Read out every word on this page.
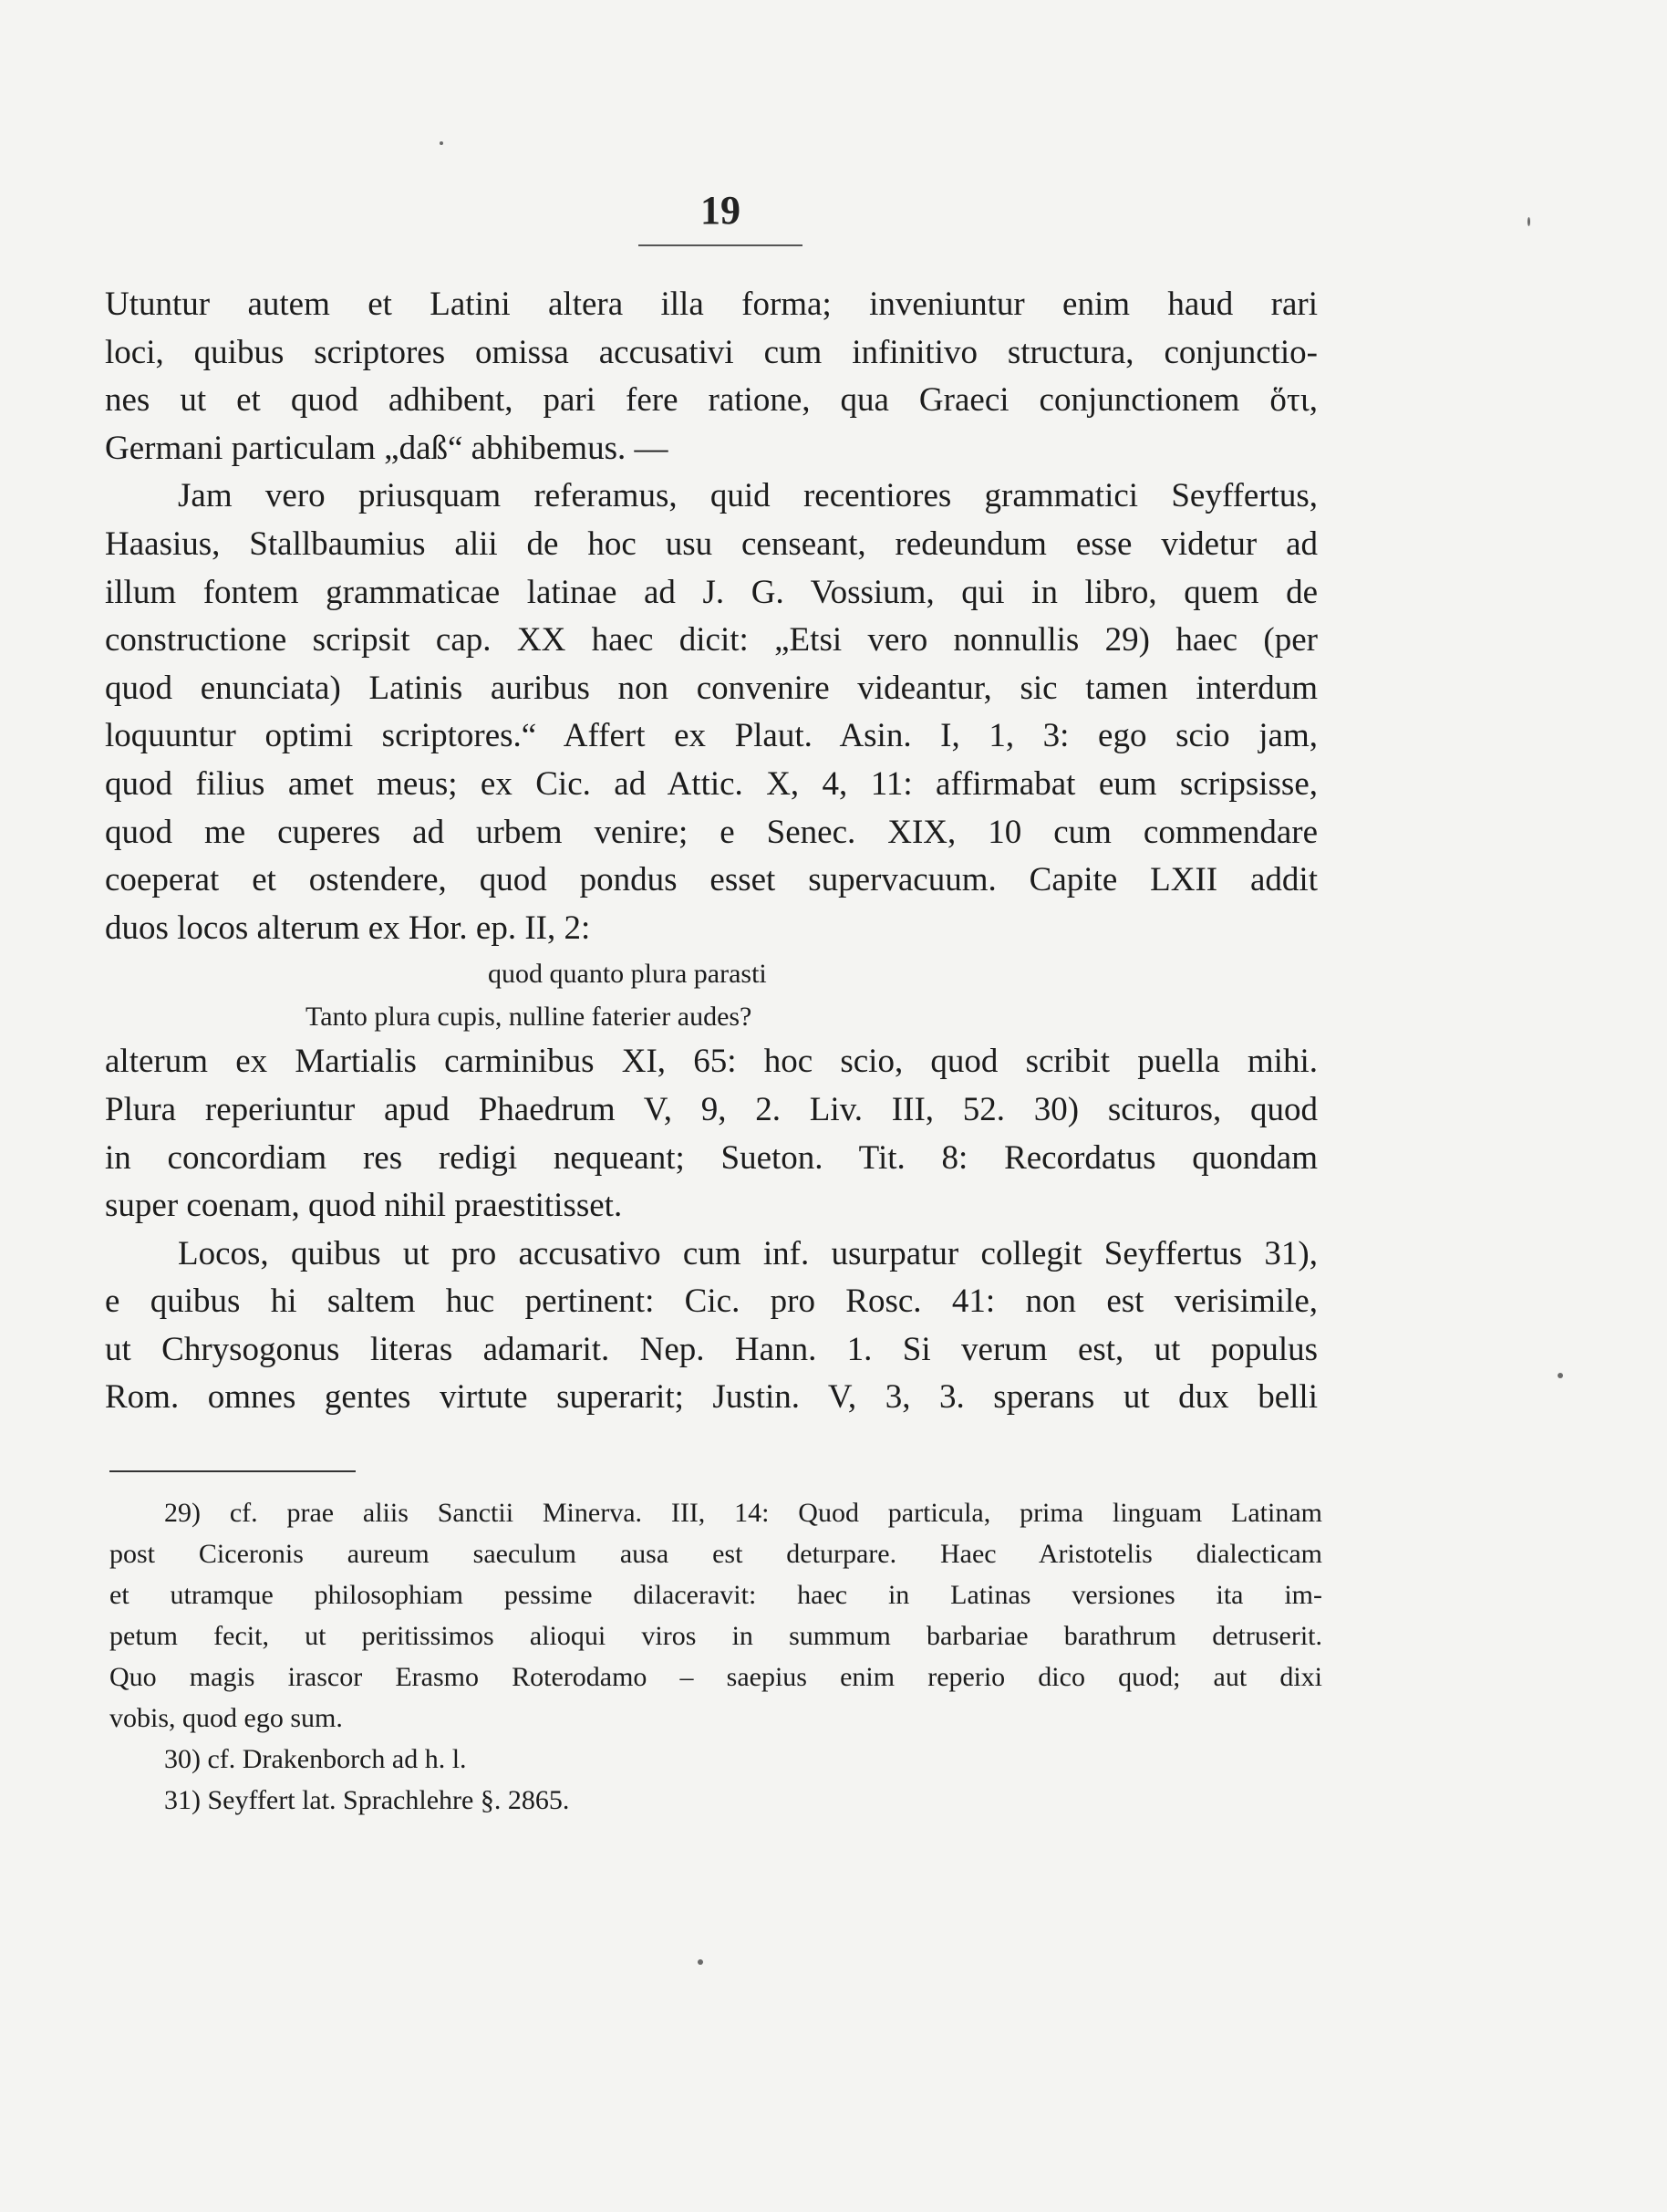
19
Utuntur autem et Latini altera illa forma; inveniuntur enim haud rari
loci, quibus scriptores omissa accusativi cum infinitivo structura, conjunctio-
nes ut et quod adhibent, pari fere ratione, qua Graeci conjunctionem ὅτι,
Germani particulam „daß“ abhibemus. —
Jam vero priusquam referamus, quid recentiores grammatici Seyffertus,
Haasius, Stallbaumius alii de hoc usu censeant, redeundum esse videtur ad
illum fontem grammaticae latinae ad J. G. Vossium, qui in libro, quem de
constructione scripsit cap. XX haec dicit: „Etsi vero nonnullis 29) haec (per
quod enunciata) Latinis auribus non convenire videantur, sic tamen interdum
loquuntur optimi scriptores.“ Affert ex Plaut. Asin. I, 1, 3: ego scio jam,
quod filius amet meus; ex Cic. ad Attic. X, 4, 11: affirmabat eum scripsisse,
quod me cuperes ad urbem venire; e Senec. XIX, 10 cum commendare
coeperat et ostendere, quod pondus esset supervacuum. Capite LXII addit
duos locos alterum ex Hor. ep. II, 2:
quod quanto plura parasti
Tanto plura cupis, nulline faterier audes?
alterum ex Martialis carminibus XI, 65: hoc scio, quod scribit puella mihi.
Plura reperiuntur apud Phaedrum V, 9, 2. Liv. III, 52. 30) scituros, quod
in concordiam res redigi nequeant; Sueton. Tit. 8: Recordatus quondam
super coenam, quod nihil praestitisset.
Locos, quibus ut pro accusativo cum inf. usurpatur collegit Seyffertus 31),
e quibus hi saltem huc pertinent: Cic. pro Rosc. 41: non est verisimile,
ut Chrysogonus literas adamarit. Nep. Hann. 1. Si verum est, ut populus
Rom. omnes gentes virtute superarit; Justin. V, 3, 3. sperans ut dux belli
29) cf. prae aliis Sanctii Minerva. III, 14: Quod particula, prima linguam Latinam
post Ciceronis aureum saeculum ausa est deturpare. Haec Aristotelis dialecticam
et utramque philosophiam pessime dilaceravit: haec in Latinas versiones ita im-
petum fecit, ut peritissimos alioqui viros in summum barbariae barathrum detruserit.
Quo magis irascor Erasmo Roterodamo – saepius enim reperio dico quod; aut dixi
vobis, quod ego sum.
30) cf. Drakenborch ad h. l.
31) Seyffert lat. Sprachlehre §. 2865.
